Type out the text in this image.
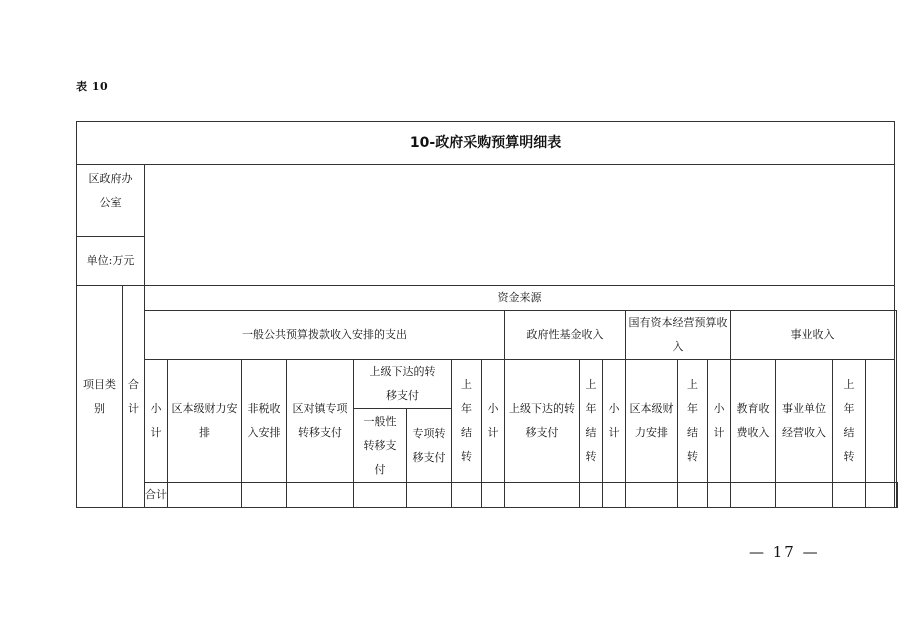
表 10
10-政府采购预算明细表																					
区政府办公室																					
单位:万元																					
项目类别	合计	资金来源																			
		一般公共预算拨款收入安排的支出								政府性基金收入			国有资本经营预算收入			事业收入	
		小计	区本级财力安排	非税收入安排	区对镇专项转移支付	上级下达的转移支付		上年结转	小计	上级下达的转移支付	上年结转	小计	区本级财力安排	上年结转	小计	教育收费收入	事业单位经营收入	上年结转			
						一般性转移支付	专项转移支付														
		合计																			
— 17 —
